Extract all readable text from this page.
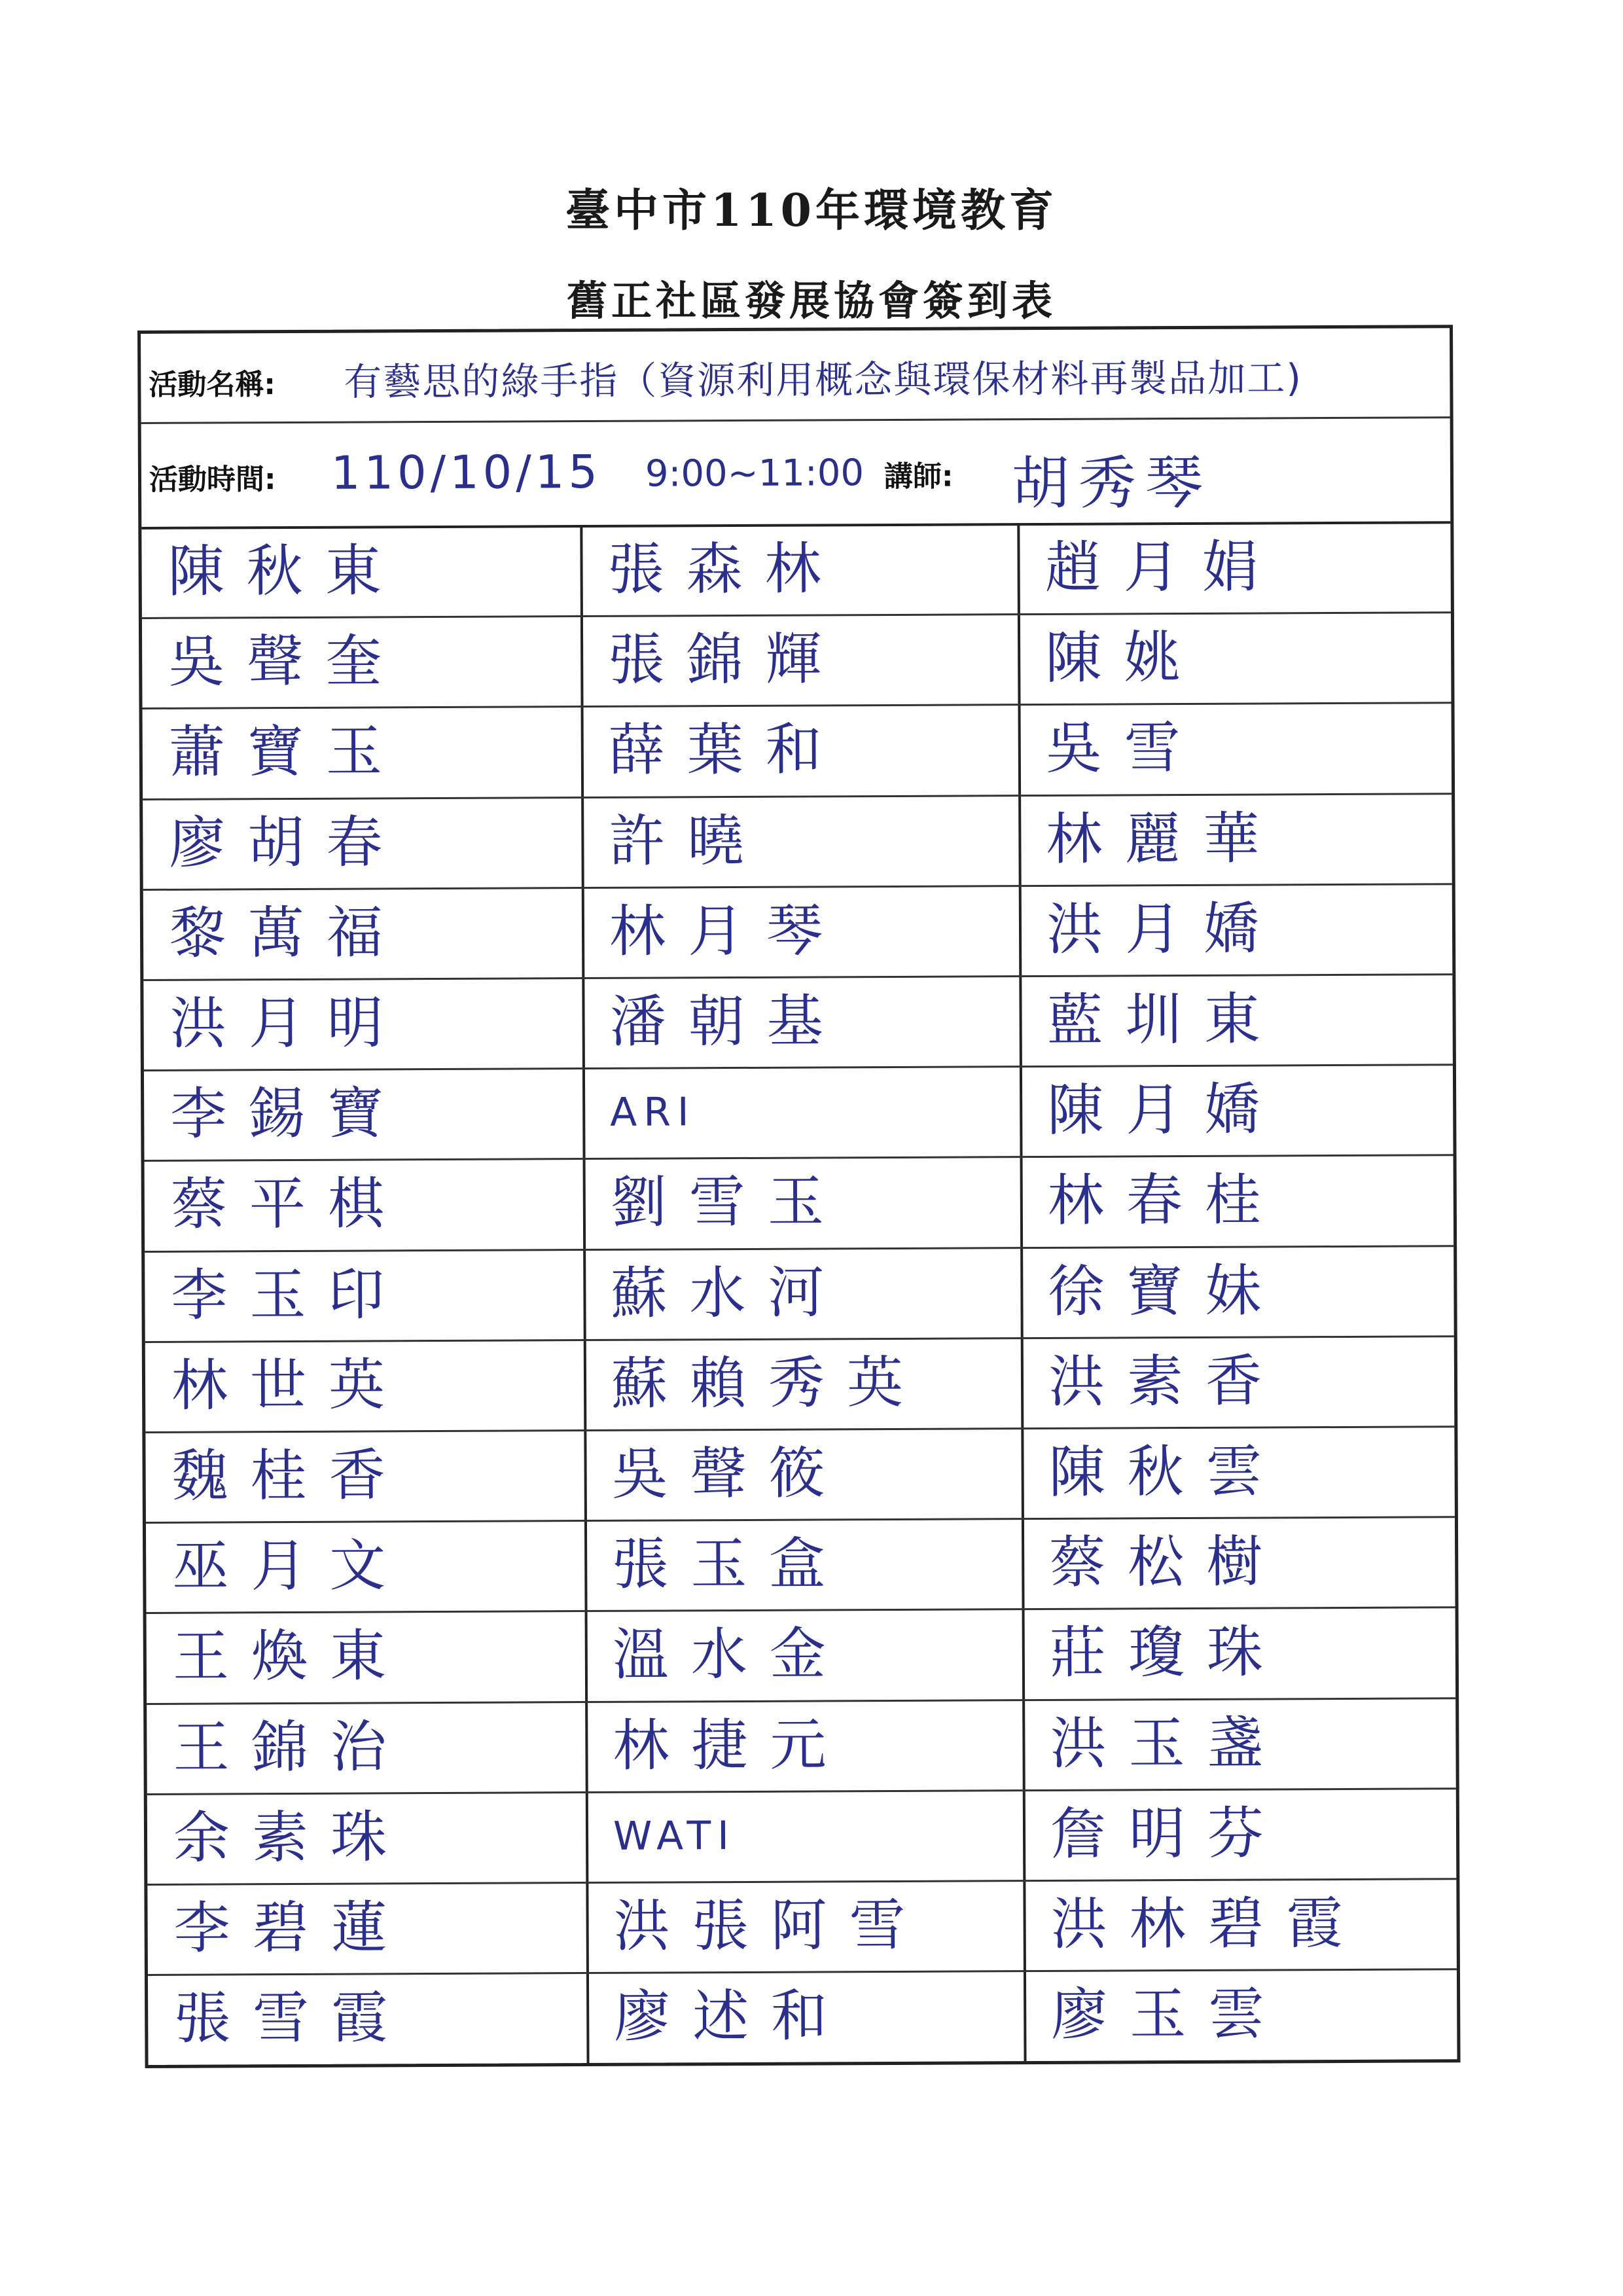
臺中市110年環境教育
舊正社區發展協會簽到表
活動名稱: 有藝思的綠手指（資源利用概念與環保材料再製品加工)
活動時間: 110/10/15 9:00~11:00 講師: 胡秀琴
陳秋東
吳聲奎
蕭寶玉
廖胡春
黎萬福
洪月明
李錫寶
蔡平棋
李玉印
林世英
魏桂香
巫月文
王煥東
王錦治
余素珠
李碧蓮
張雪霞
張森林
張錦輝
薛葉和
許曉
林月琴
潘朝基
ARI
劉雪玉
蘇水河
蘇賴秀英
吳聲筱
張玉盒
溫水金
林捷元
WATI
洪張阿雪
廖述和
趙月娟
陳姚
吳雪
林麗華
洪月嬌
藍圳東
陳月嬌
林春桂
徐寶妹
洪素香
陳秋雲
蔡松樹
莊瓊珠
洪玉盞
詹明芬
洪林碧霞
廖玉雲
